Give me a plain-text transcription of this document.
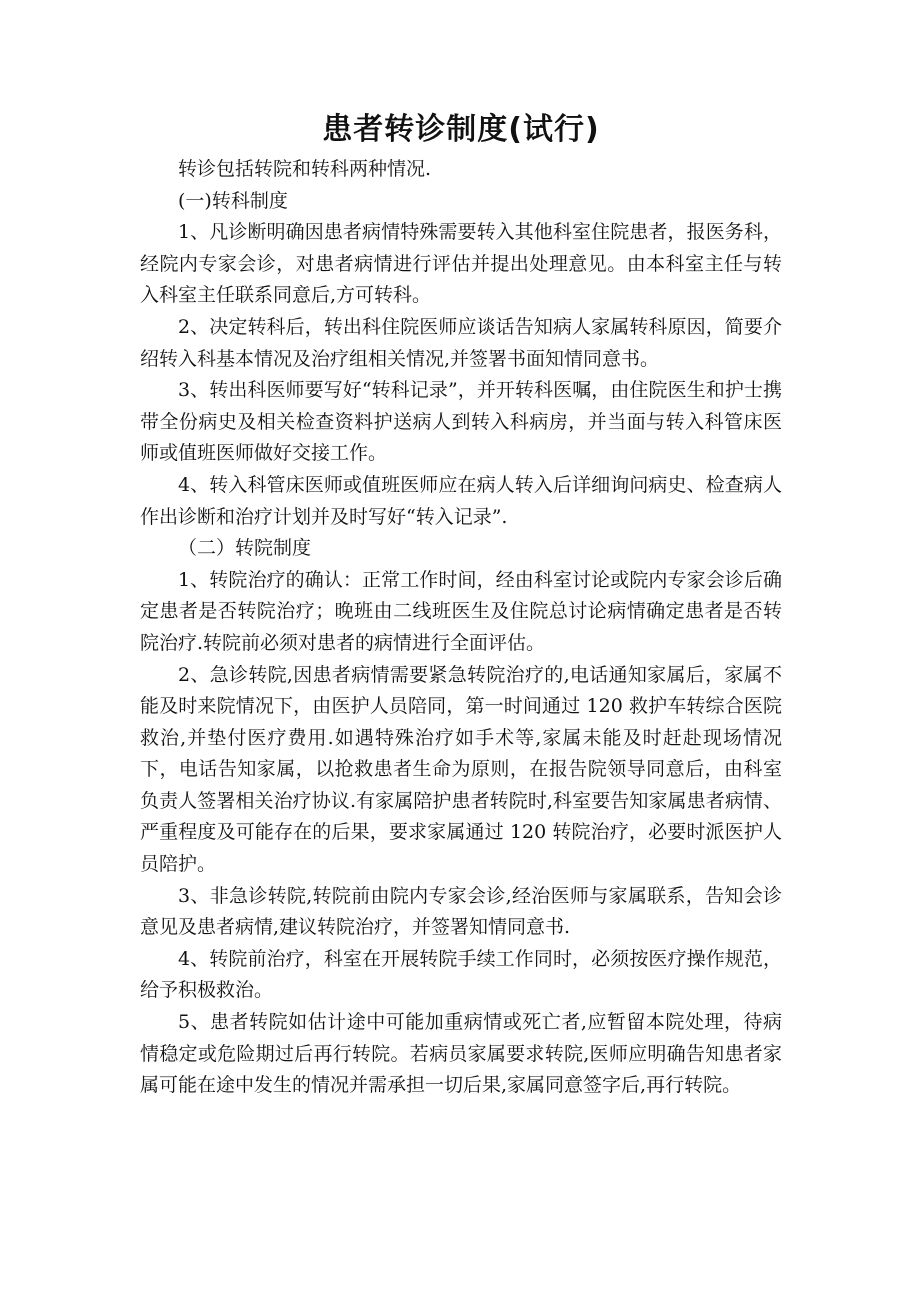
患者转诊制度(试行)

转诊包括转院和转科两种情况.

(一)转科制度

1、凡诊断明确因患者病情特殊需要转入其他科室住院患者，报医务科，经院内专家会诊，对患者病情进行评估并提出处理意见。由本科室主任与转入科室主任联系同意后,方可转科。

2、决定转科后，转出科住院医师应谈话告知病人家属转科原因，简要介绍转入科基本情况及治疗组相关情况,并签署书面知情同意书。

3、转出科医师要写好“转科记录”，并开转科医嘱，由住院医生和护士携带全份病史及相关检查资料护送病人到转入科病房，并当面与转入科管床医师或值班医师做好交接工作。

4、转入科管床医师或值班医师应在病人转入后详细询问病史、检查病人作出诊断和治疗计划并及时写好“转入记录”.

（二）转院制度

1、转院治疗的确认：正常工作时间，经由科室讨论或院内专家会诊后确定患者是否转院治疗；晚班由二线班医生及住院总讨论病情确定患者是否转院治疗.转院前必须对患者的病情进行全面评估。

2、急诊转院,因患者病情需要紧急转院治疗的,电话通知家属后，家属不能及时来院情况下，由医护人员陪同，第一时间通过 120 救护车转综合医院救治,并垫付医疗费用.如遇特殊治疗如手术等,家属未能及时赶赴现场情况下，电话告知家属，以抢救患者生命为原则，在报告院领导同意后，由科室负责人签署相关治疗协议.有家属陪护患者转院时,科室要告知家属患者病情、严重程度及可能存在的后果，要求家属通过 120 转院治疗，必要时派医护人员陪护。

3、非急诊转院,转院前由院内专家会诊,经治医师与家属联系，告知会诊意见及患者病情,建议转院治疗，并签署知情同意书.

4、转院前治疗，科室在开展转院手续工作同时，必须按医疗操作规范，给予积极救治。

5、患者转院如估计途中可能加重病情或死亡者,应暂留本院处理，待病情稳定或危险期过后再行转院。若病员家属要求转院,医师应明确告知患者家属可能在途中发生的情况并需承担一切后果,家属同意签字后,再行转院。
